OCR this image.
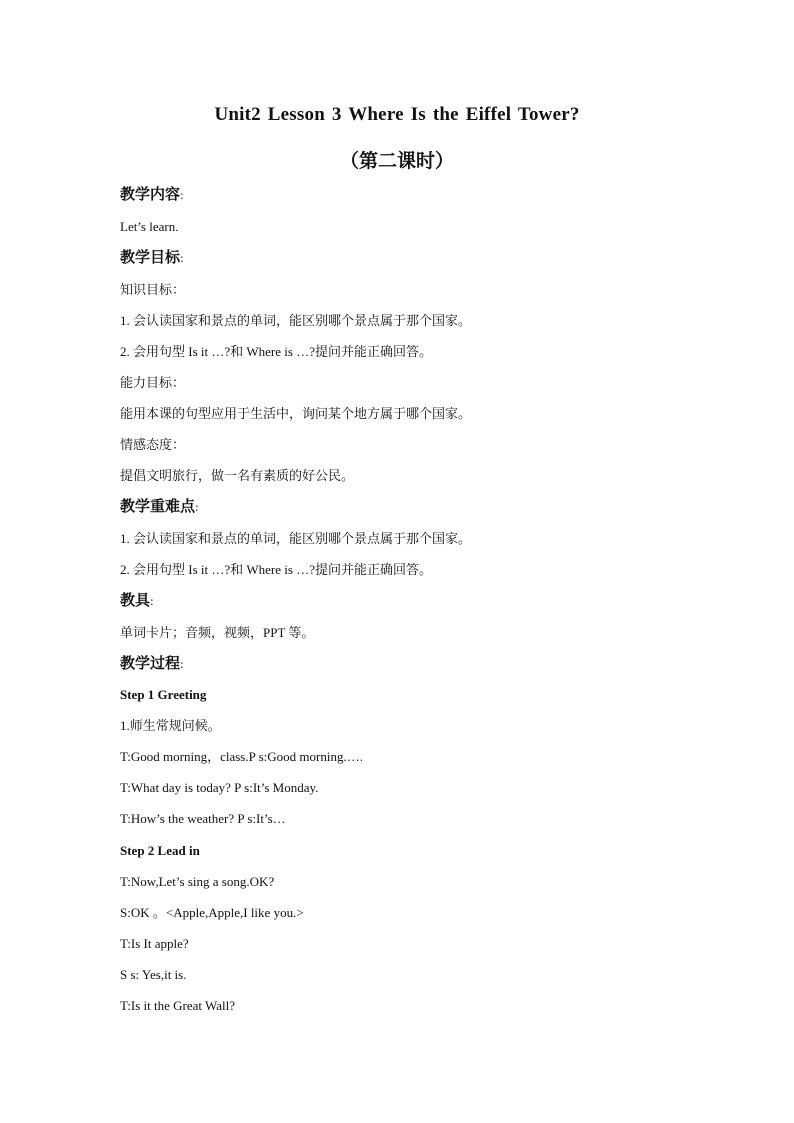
Unit2 Lesson 3 Where Is the Eiffel Tower?
（第二课时）

教学内容:

Let’s learn.

教学目标:

知识目标：

1. 会认读国家和景点的单词，能区别哪个景点属于那个国家。

2. 会用句型 Is it …?和 Where is …?提问并能正确回答。

能力目标：

能用本课的句型应用于生活中，询问某个地方属于哪个国家。

情感态度：

提倡文明旅行，做一名有素质的好公民。

教学重难点:

1. 会认读国家和景点的单词，能区别哪个景点属于那个国家。

2. 会用句型 Is it …?和 Where is …?提问并能正确回答。

教具:

单词卡片；音频，视频，PPT 等。

教学过程:

Step 1 Greeting

1.师生常规问候。

T:Good morning，class.P s:Good morning.….

T:What day is today? P s:It’s Monday.

T:How’s the weather? P s:It’s…

Step 2 Lead in

T:Now,Let’s sing a song.OK?

S:OK 。<Apple,Apple,I like you.>

T:Is It apple?

S s: Yes,it is.

T:Is it the Great Wall?
